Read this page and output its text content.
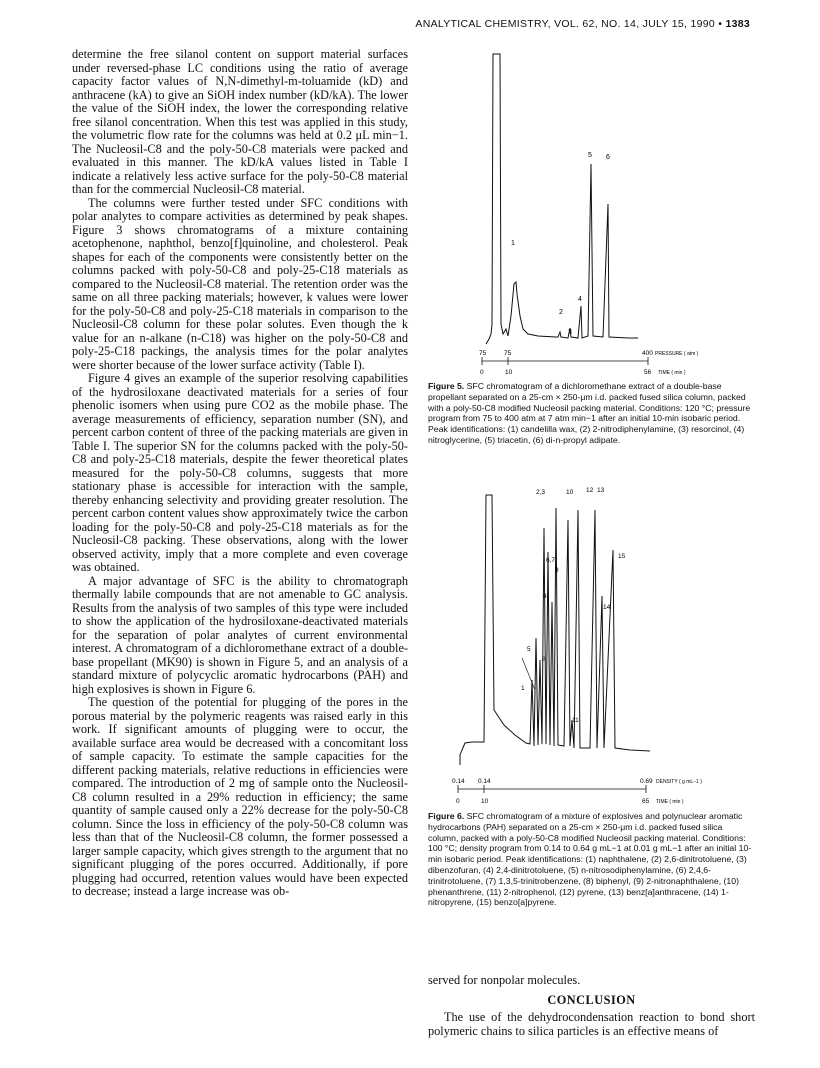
ANALYTICAL CHEMISTRY, VOL. 62, NO. 14, JULY 15, 1990 • 1383

determine the free silanol content on support material surfaces under reversed-phase LC conditions using the ratio of average capacity factor values of N,N-dimethyl-m-toluamide (kD) and anthracene (kA) to give an SiOH index number (kD/kA). The lower the value of the SiOH index, the lower the corresponding relative free silanol concentration. When this test was applied in this study, the volumetric flow rate for the columns was held at 0.2 μL min−1. The Nucleosil-C8 and the poly-50-C8 materials were packed and evaluated in this manner. The kD/kA values listed in Table I indicate a relatively less active surface for the poly-50-C8 material than for the commercial Nucleosil-C8 material.

The columns were further tested under SFC conditions with polar analytes to compare activities as determined by peak shapes. Figure 3 shows chromatograms of a mixture containing acetophenone, naphthol, benzo[f]quinoline, and cholesterol. Peak shapes for each of the components were consistently better on the columns packed with poly-50-C8 and poly-25-C18 materials as compared to the Nucleosil-C8 material. The retention order was the same on all three packing materials; however, k values were lower for the poly-50-C8 and poly-25-C18 materials in comparison to the Nucleosil-C8 column for these polar solutes. Even though the k value for an n-alkane (n-C18) was higher on the poly-50-C8 and poly-25-C18 packings, the analysis times for the polar analytes were shorter because of the lower surface activity (Table I).

Figure 4 gives an example of the superior resolving capabilities of the hydrosiloxane deactivated materials for a series of four phenolic isomers when using pure CO2 as the mobile phase. The average measurements of efficiency, separation number (SN), and percent carbon content of three of the packing materials are given in Table I. The superior SN for the columns packed with the poly-50-C8 and poly-25-C18 materials, despite the fewer theoretical plates measured for the poly-50-C8 columns, suggests that more stationary phase is accessible for interaction with the sample, thereby enhancing selectivity and providing greater resolution. The percent carbon content values show approximately twice the carbon loading for the poly-50-C8 and poly-25-C18 materials as for the Nucleosil-C8 packing. These observations, along with the lower observed activity, imply that a more complete and even coverage was obtained.

A major advantage of SFC is the ability to chromatograph thermally labile compounds that are not amenable to GC analysis. Results from the analysis of two samples of this type were included to show the application of the hydrosiloxane-deactivated materials for the separation of polar analytes of current environmental interest. A chromatogram of a dichloromethane extract of a double-base propellant (MK90) is shown in Figure 5, and an analysis of a standard mixture of polycyclic aromatic hydrocarbons (PAH) and high explosives is shown in Figure 6.

The question of the potential for plugging of the pores in the porous material by the polymeric reagents was raised early in this work. If significant amounts of plugging were to occur, the available surface area would be decreased with a concomitant loss of sample capacity. To estimate the sample capacities for the different packing materials, relative reductions in efficiencies were compared. The introduction of 2 mg of sample onto the Nucleosil-C8 column resulted in a 29% reduction in efficiency; the same quantity of sample caused only a 22% decrease for the poly-50-C8 column. Since the loss in efficiency of the poly-50-C8 column was less than that of the Nucleosil-C8 column, the former possessed a larger sample capacity, which gives strength to the argument that no significant plugging of the pores occurred. Additionally, if pore plugging had occurred, retention values would have been expected to decrease; instead a large increase was ob-

1
2
3
4
5 6
75	75	400 PRESSURE ( atm )
0	10	56 TIME ( min )
Figure 5. SFC chromatogram of a dichloromethane extract of a double-base propellant separated on a 25-cm × 250-μm i.d. packed fused silica column, packed with a poly-50-C8 modified Nucleosil packing material. Conditions: 120 °C; pressure program from 75 to 400 atm at 7 atm min−1 after an initial 10-min isobaric period. Peak identifications: (1) candelilla wax, (2) 2-nitrodiphenylamine, (3) resorcinol, (4) nitroglycerine, (5) triacetin, (6) di-n-propyl adipate.
1
2,3
4
5
6,7
8
9
10
11
12 13
14
15
0.14 0.14	0.69 DENSITY ( g mL−1 )
0	10	65 TIME ( min )
Figure 6. SFC chromatogram of a mixture of explosives and polynuclear aromatic hydrocarbons (PAH) separated on a 25-cm × 250-μm i.d. packed fused silica column, packed with a poly-50-C8 modified Nucleosil packing material. Conditions: 100 °C; density program from 0.14 to 0.64 g mL−1 at 0.01 g mL−1 after an initial 10-min isobaric period. Peak identifications: (1) naphthalene, (2) 2,6-dinitrotoluene, (3) dibenzofuran, (4) 2,4-dinitrotoluene, (5) n-nitrosodiphenylamine, (6) 2,4,6-trinitrotoluene, (7) 1,3,5-trinitrobenzene, (8) biphenyl, (9) 2-nitronaphthalene, (10) phenanthrene, (11) 2-nitrophenol, (12) pyrene, (13) benz[a]anthracene, (14) 1-nitropyrene, (15) benzo[a]pyrene.
served for nonpolar molecules.
CONCLUSION
The use of the dehydrocondensation reaction to bond short polymeric chains to silica particles is an effective means of
